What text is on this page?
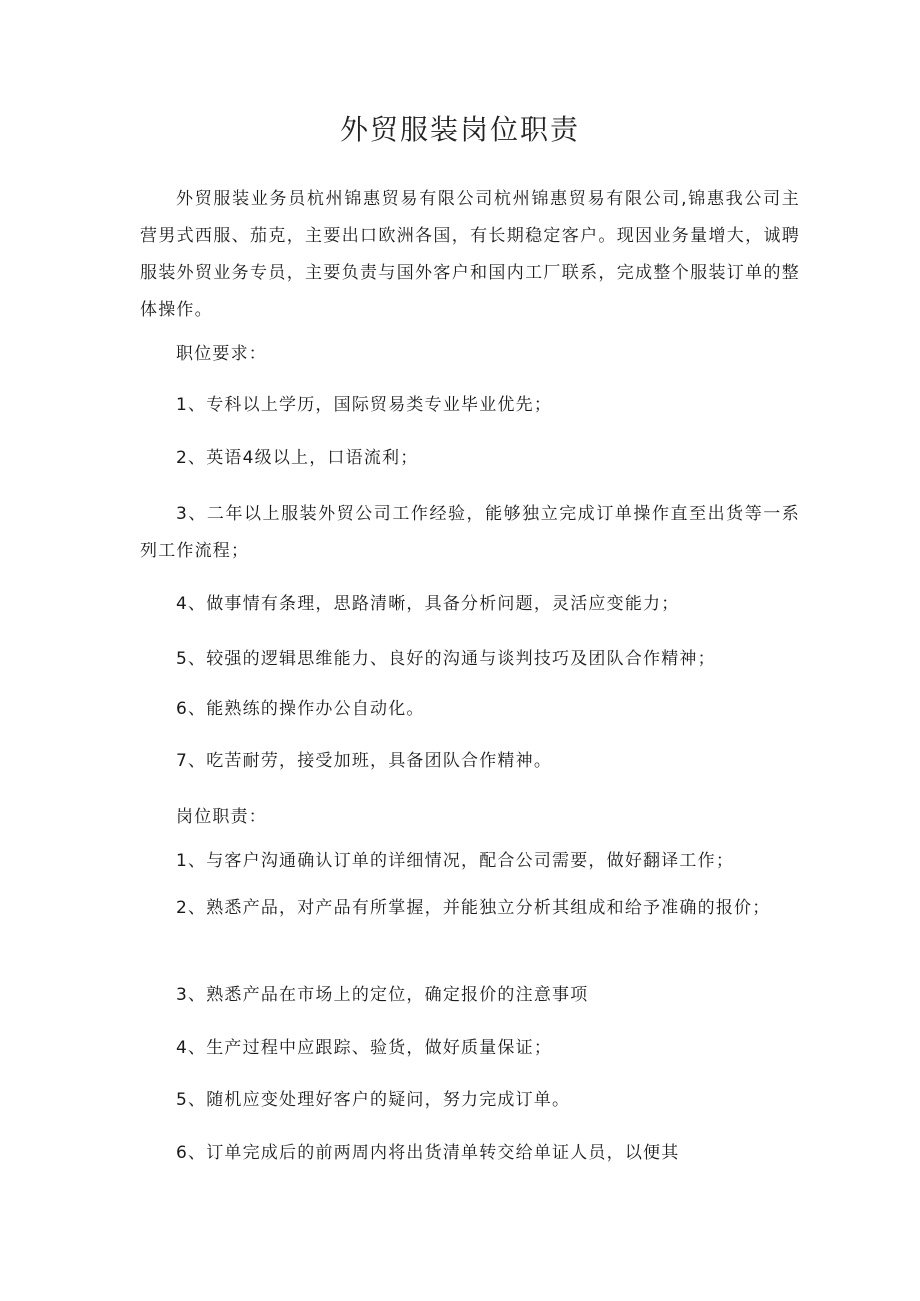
外贸服装岗位职责
外贸服装业务员杭州锦惠贸易有限公司杭州锦惠贸易有限公司,锦惠我公司主营男式西服、茄克，主要出口欧洲各国，有长期稳定客户。现因业务量增大，诚聘服装外贸业务专员，主要负责与国外客户和国内工厂联系，完成整个服装订单的整体操作。
职位要求：
1、专科以上学历，国际贸易类专业毕业优先；
2、英语4级以上，口语流利；
3、二年以上服装外贸公司工作经验，能够独立完成订单操作直至出货等一系列工作流程；
4、做事情有条理，思路清晰，具备分析问题，灵活应变能力；
5、较强的逻辑思维能力、良好的沟通与谈判技巧及团队合作精神；
6、能熟练的操作办公自动化。
7、吃苦耐劳，接受加班，具备团队合作精神。
岗位职责：
1、与客户沟通确认订单的详细情况，配合公司需要，做好翻译工作；
2、熟悉产品，对产品有所掌握，并能独立分析其组成和给予准确的报价；
3、熟悉产品在市场上的定位，确定报价的注意事项
4、生产过程中应跟踪、验货，做好质量保证；
5、随机应变处理好客户的疑问，努力完成订单。
6、订单完成后的前两周内将出货清单转交给单证人员，以便其
